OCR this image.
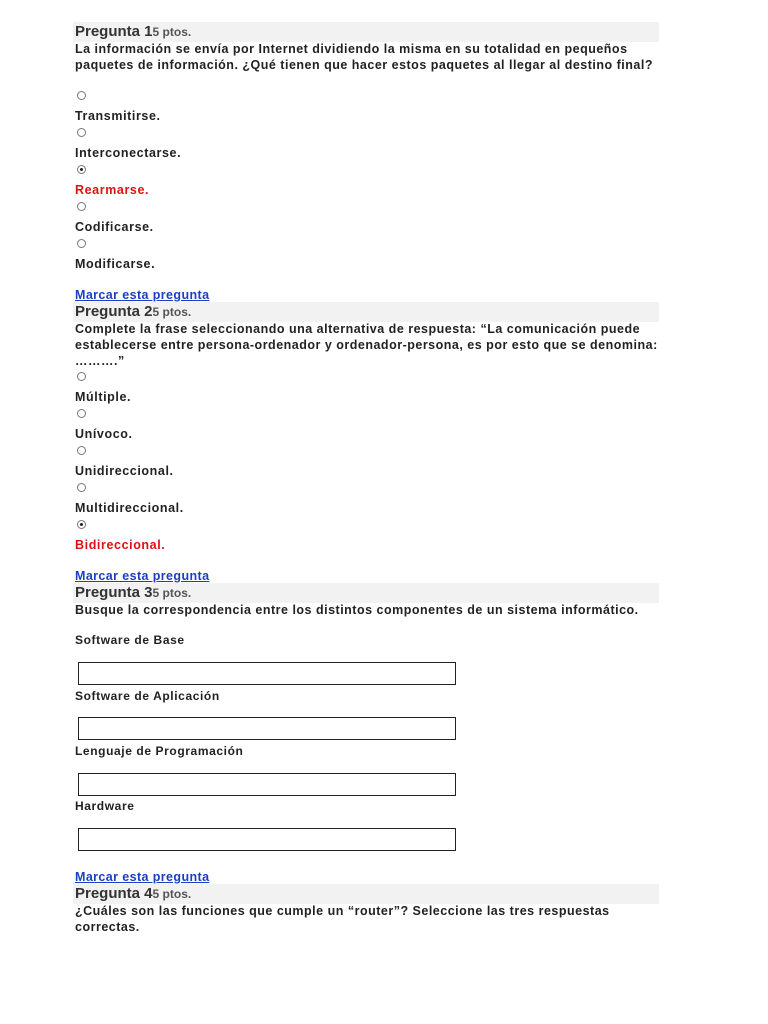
Pregunta 15 ptos.
La información se envía por Internet dividiendo la misma en su totalidad en pequeños paquetes de información. ¿Qué tienen que hacer estos paquetes al llegar al destino final?
Transmitirse.
Interconectarse.
Rearmarse.
Codificarse.
Modificarse.
Marcar esta pregunta
Pregunta 25 ptos.
Complete la frase seleccionando una alternativa de respuesta: “La comunicación puede establecerse entre persona-ordenador y ordenador-persona, es por esto que se denomina: ……….”
Múltiple.
Unívoco.
Unidireccional.
Multidireccional.
Bidireccional.
Marcar esta pregunta
Pregunta 35 ptos.
Busque la correspondencia entre los distintos componentes de un sistema informático.
Software de Base
Software de Aplicación
Lenguaje de Programación
Hardware
Marcar esta pregunta
Pregunta 45 ptos.
¿Cuáles son las funciones que cumple un “router”? Seleccione las tres respuestas correctas.
